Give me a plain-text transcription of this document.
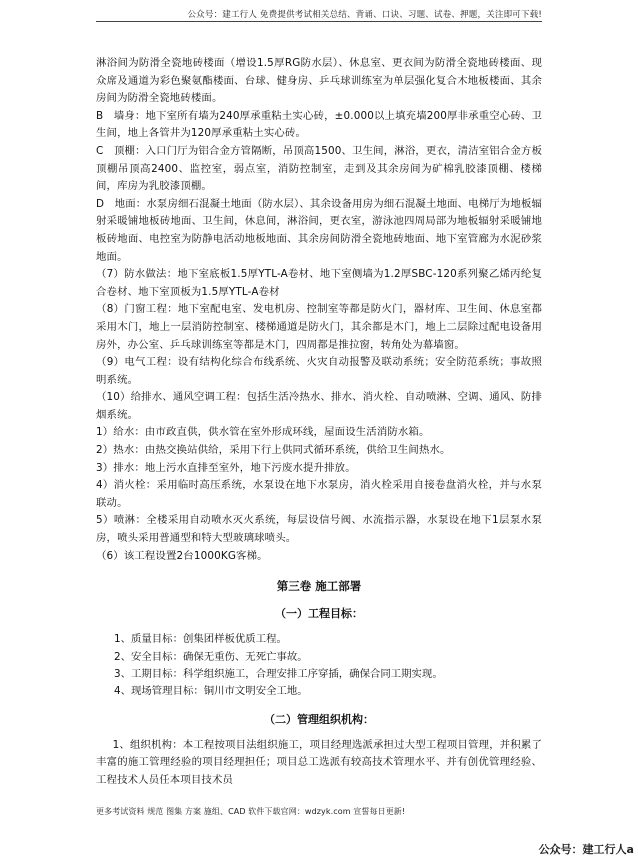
公众号：建工行人 免费提供考试相关总结、背诵、口诀、习题、试卷、押题，关注即可下载!

淋浴间为防滑全瓷地砖楼面（增设1.5厚RG防水层）、休息室、更衣间为防滑全瓷地砖楼面、现众席及通道为彩色聚氨酯楼面、台球、健身房、乒乓球训练室为单层强化复合木地板楼面、其余房间为防滑全瓷地砖楼面。

B　墙身：地下室所有墙为240厚承重粘土实心砖，±0.000以上填充墙200厚非承重空心砖、卫生间，地上各管井为120厚承重粘土实心砖。

C　顶棚：入口门厅为铝合金方管隔断，吊顶高1500、卫生间，淋浴，更衣，清洁室铝合金方板顶棚吊顶高2400、监控室，弱点室，消防控制室，走到及其余房间为矿棉乳胶漆顶棚、楼梯间，库房为乳胶漆顶棚。

D　地面：水泵房细石混凝土地面（防水层）、其余设备用房为细石混凝土地面、电梯厅为地板辐射采暖铺地板砖地面、卫生间，休息间，淋浴间，更衣室，游泳池四周局部为地板辐射采暖铺地板砖地面、电控室为防静电活动地板地面、其余房间防滑全瓷地砖地面、地下室管廊为水泥砂浆地面。

（7）防水做法：地下室底板1.5厚YTL-A卷材、地下室侧墙为1.2厚SBC-120系列聚乙烯丙纶复合卷材、地下室顶板为1.5厚YTL-A卷材

（8）门窗工程：地下室配电室、发电机房、控制室等都是防火门，器材库、卫生间、休息室都采用木门，地上一层消防控制室、楼梯通道是防火门，其余都是木门，地上二层除过配电设备用房外，办公室、乒乓球训练室等都是木门，四周都是推拉窗，转角处为幕墙窗。

（9）电气工程：设有结构化综合布线系统、火灾自动报警及联动系统；安全防范系统；事故照明系统。

（10）给排水、通风空调工程：包括生活冷热水、排水、消火栓、自动喷淋、空调、通风、防排烟系统。

1）给水：由市政直供，供水管在室外形成环线，屋面设生活消防水箱。

2）热水：由热交换站供给，采用下行上供同式循环系统，供给卫生间热水。

3）排水：地上污水直排至室外，地下污废水提升排放。

4）消火栓：采用临时高压系统，水泵设在地下水泵房，消火栓采用自接卷盘消火栓，并与水泵联动。

5）喷淋：全楼采用自动喷水灭火系统，每层设信号阀、水流指示器，水泵设在地下1层泵水泵房，喷头采用普通型和特大型玻璃球喷头。

（6）该工程设置2台1000KG客梯。

第三卷 施工部署
（一）工程目标：

1、质量目标：创集团样板优质工程。

2、安全目标：确保无重伤、无死亡事故。

3、工期目标：科学组织施工，合理安排工序穿插，确保合同工期实现。

4、现场管理目标：铜川市文明安全工地。

（二）管理组织机构：

1、组织机构：本工程按项目法组织施工，项目经理选派承担过大型工程项目管理，并积累了丰富的施工管理经验的项目经理担任；项目总工选派有较高技术管理水平、并有创优管理经验、工程技术人员任本项目技术员

更多考试资料 规范 图集 方案 施组、CAD 软件下载官网：wdzyk.com 宣誓每日更新!
公众号：建工行人a
